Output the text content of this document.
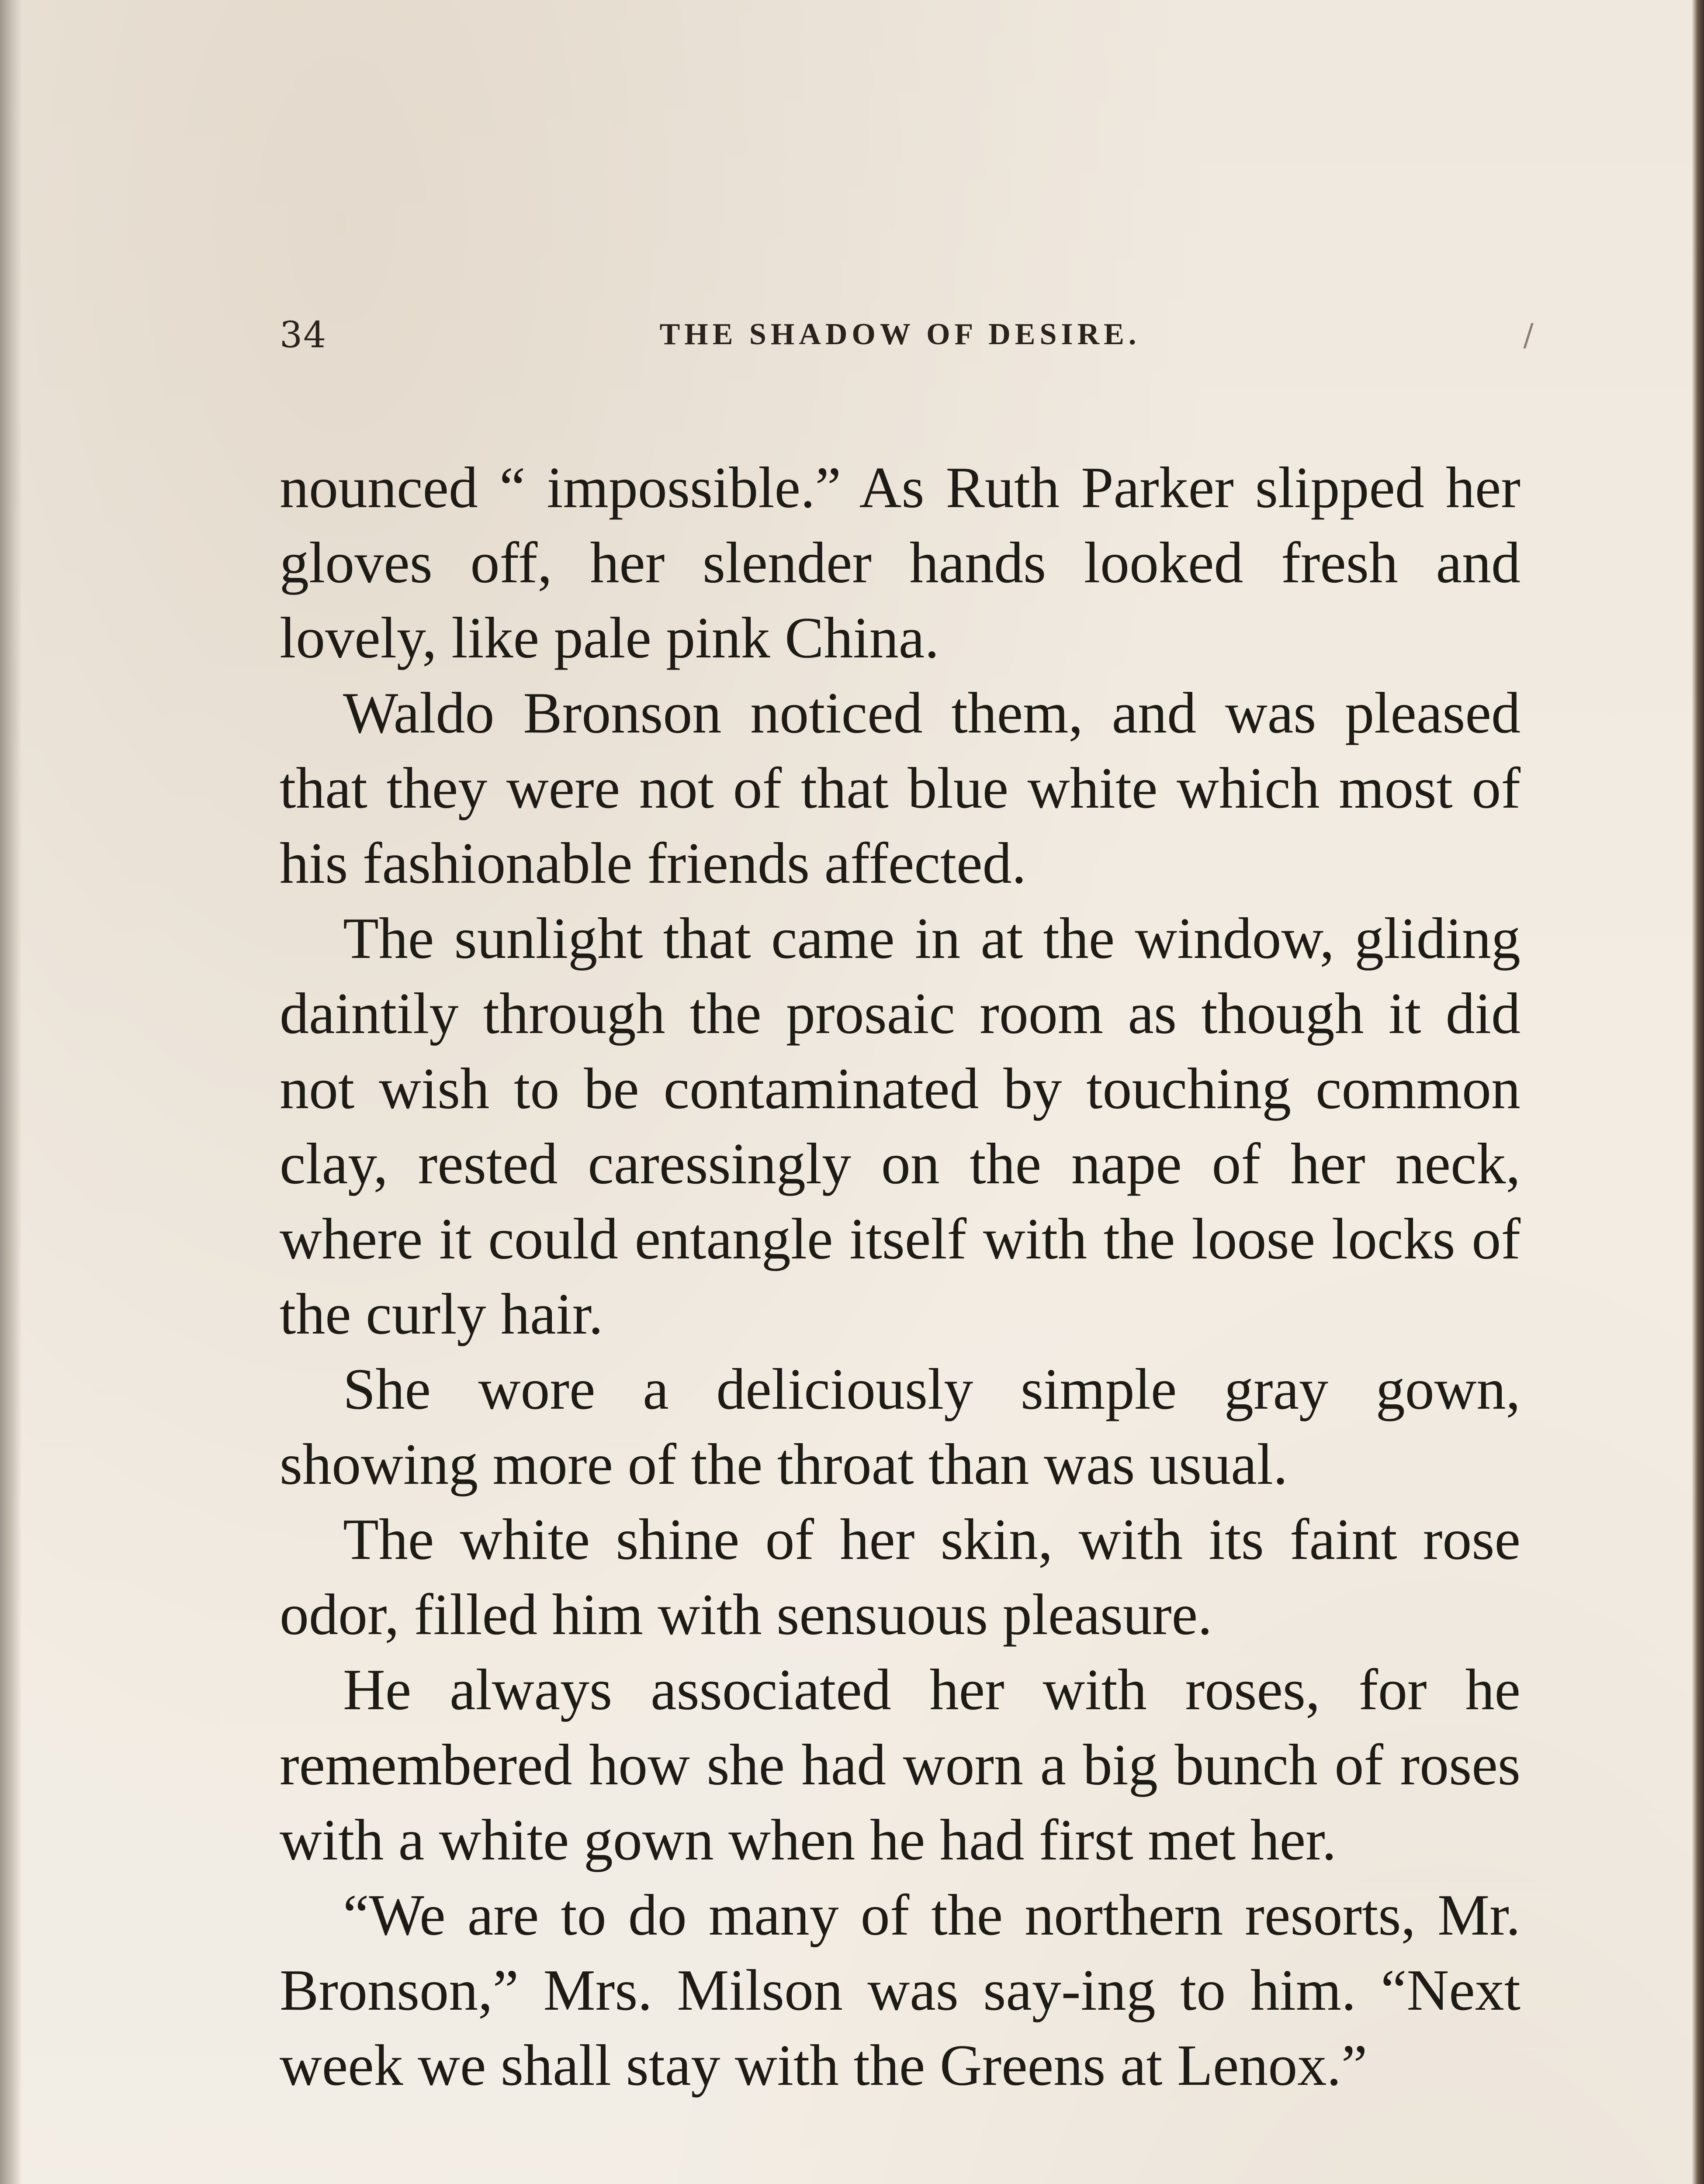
34	THE SHADOW OF DESIRE.	/

nounced “ impossible.” As Ruth Parker slipped her gloves off, her slender hands looked fresh and lovely, like pale pink China.

Waldo Bronson noticed them, and was pleased that they were not of that blue white which most of his fashionable friends affected.

The sunlight that came in at the window, gliding daintily through the prosaic room as though it did not wish to be contaminated by touching common clay, rested caressingly on the nape of her neck, where it could entangle itself with the loose locks of the curly hair.

She wore a deliciously simple gray gown, showing more of the throat than was usual.

The white shine of her skin, with its faint rose odor, filled him with sensuous pleasure.

He always associated her with roses, for he remembered how she had worn a big bunch of roses with a white gown when he had first met her.

“We are to do many of the northern resorts, Mr. Bronson,” Mrs. Milson was say-ing to him. “Next week we shall stay with the Greens at Lenox.”
